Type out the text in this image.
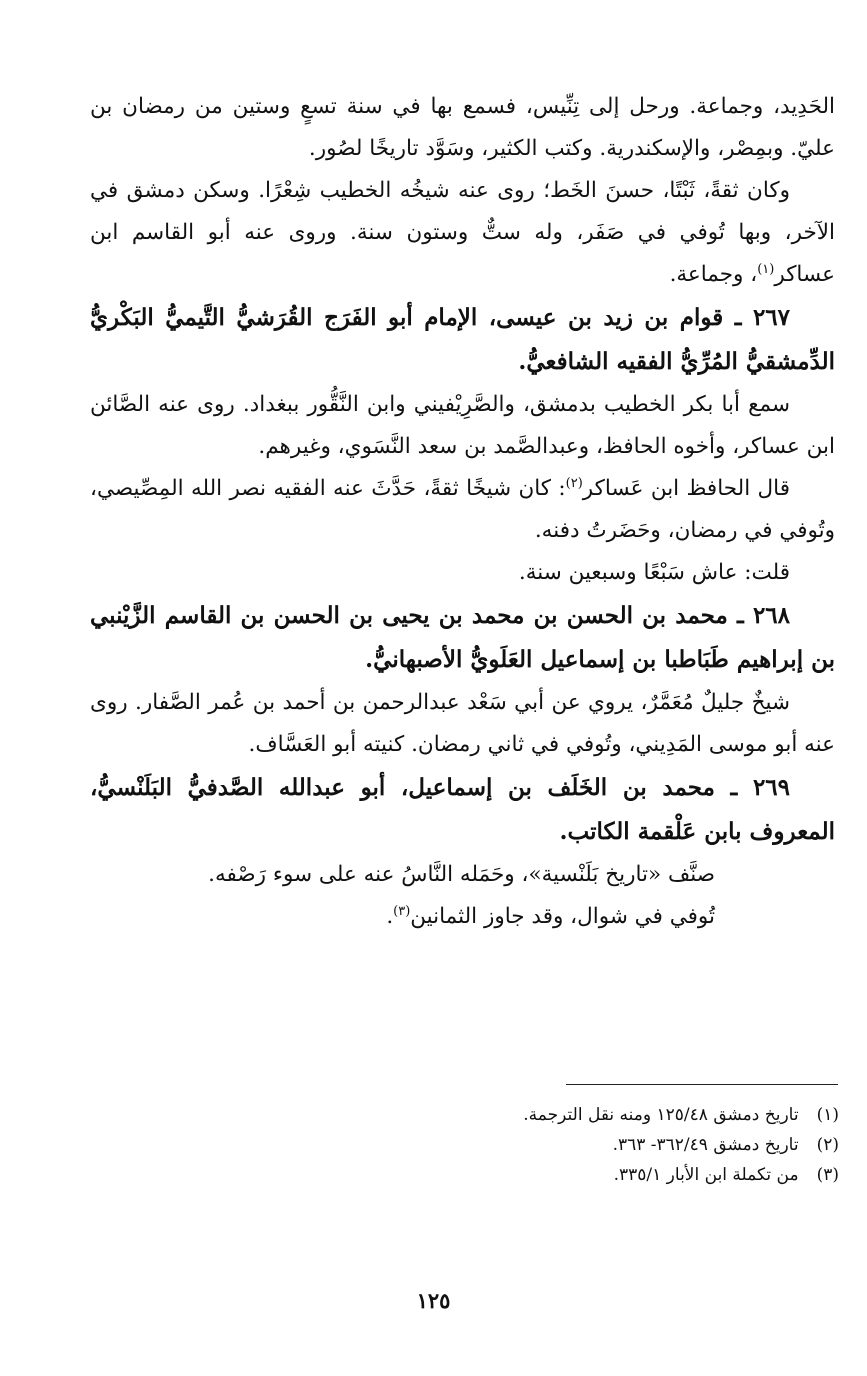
الحَدِيد، وجماعة. ورحل إلى تِنِّيس، فسمع بها في سنة تسعٍ وستين من رمضان بن عليّ. وبمِصْر، والإسكندرية. وكتب الكثير، وسَوَّد تاريخًا لصُور.

وكان ثقةً، ثَبْتًا، حسنَ الخَط؛ روى عنه شيخُه الخطيب شِعْرًا. وسكن دمشق في الآخر، وبها تُوفي في صَفَر، وله ستٌّ وستون سنة. وروى عنه أبو القاسم ابن عساكر$^{(١)}$، وجماعة.

٢٦٧ ـ قوام بن زيد بن عيسى، الإمام أبو الفَرَج القُرَشيُّ التَّيميُّ البَكْريُّ الدِّمشقيُّ المُرِّيُّ الفقيه الشافعيُّ.

سمع أبا بكر الخطيب بدمشق، والصَّرِيْفيني وابن النَّقُّور ببغداد. روى عنه الصَّائن ابن عساكر، وأخوه الحافظ، وعبدالصَّمد بن سعد النَّسَوي، وغيرهم.

قال الحافظ ابن عَساكر$^{(٢)}$: كان شيخًا ثقةً، حَدَّثَ عنه الفقيه نصر الله المِصِّيصي، وتُوفي في رمضان، وحَضَرتُ دفنه.

قلت: عاش سَبْعًا وسبعين سنة.

٢٦٨ ـ محمد بن الحسن بن محمد بن يحيى بن الحسن بن القاسم الزَّيْنبي بن إبراهيم طَبَاطبا بن إسماعيل العَلَويُّ الأصبهانيُّ.

شيخٌ جليلٌ مُعَمَّرٌ، يروي عن أبي سَعْد عبدالرحمن بن أحمد بن عُمر الصَّفار. روى عنه أبو موسى المَدِيني، وتُوفي في ثاني رمضان. كنيته أبو العَسَّاف.

٢٦٩ ـ محمد بن الخَلَف بن إسماعيل، أبو عبدالله الصَّدفيُّ البَلَنْسيُّ، المعروف بابن عَلْقمة الكاتب.

صنَّف «تاريخ بَلَنْسية»، وحَمَله النَّاسُ عنه على سوء رَصْفه.

تُوفي في شوال، وقد جاوز الثمانين$^{(٣)}$.

(١)تاريخ دمشق ١٢٥/٤٨ ومنه نقل الترجمة.

(٢)تاريخ دمشق ٣٦٢/٤٩- ٣٦٣.

(٣)من تكملة ابن الأبار ٣٣٥/١.

١٢٥
